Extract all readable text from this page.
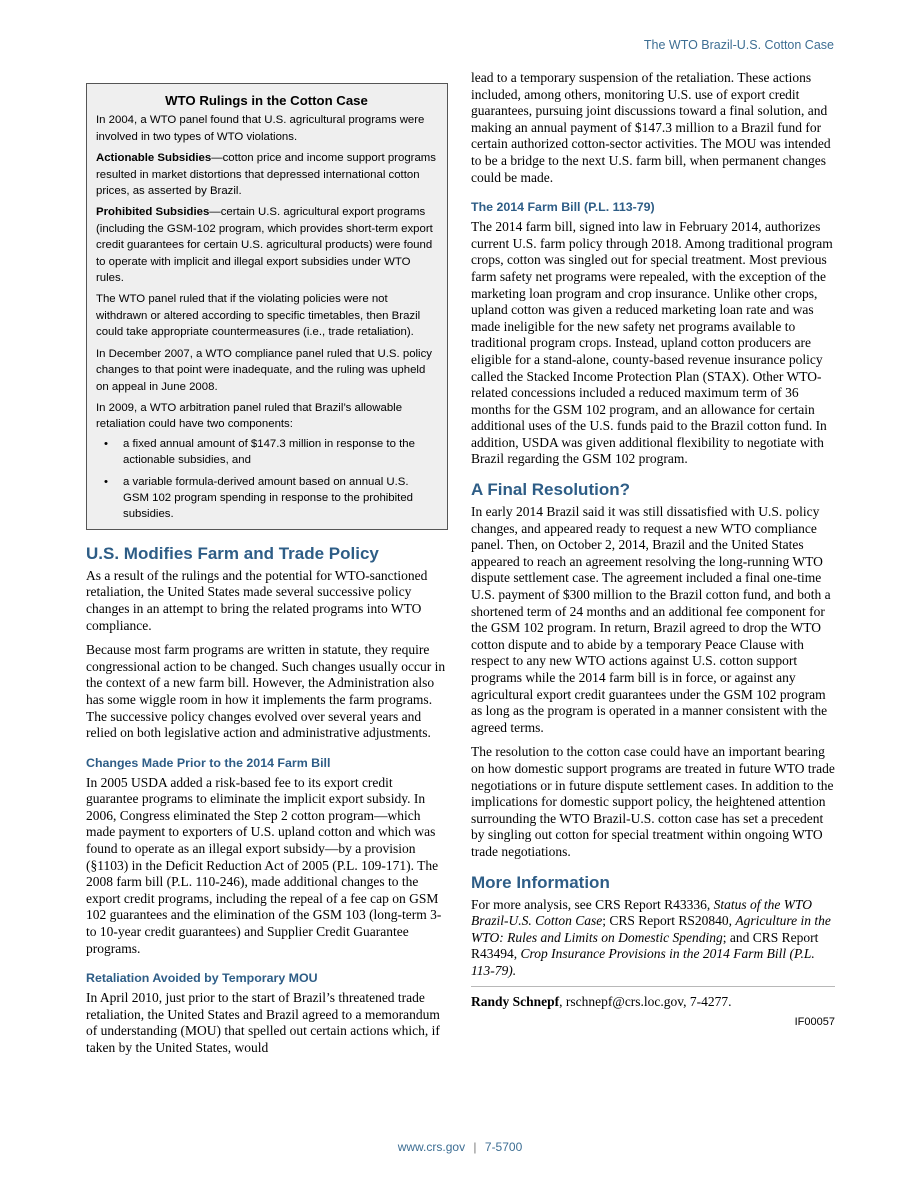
The WTO Brazil-U.S. Cotton Case
WTO Rulings in the Cotton Case

In 2004, a WTO panel found that U.S. agricultural programs were involved in two types of WTO violations.

Actionable Subsidies—cotton price and income support programs resulted in market distortions that depressed international cotton prices, as asserted by Brazil.

Prohibited Subsidies—certain U.S. agricultural export programs (including the GSM-102 program, which provides short-term export credit guarantees for certain U.S. agricultural products) were found to operate with implicit and illegal export subsidies under WTO rules.

The WTO panel ruled that if the violating policies were not withdrawn or altered according to specific timetables, then Brazil could take appropriate countermeasures (i.e., trade retaliation).

In December 2007, a WTO compliance panel ruled that U.S. policy changes to that point were inadequate, and the ruling was upheld on appeal in June 2008.

In 2009, a WTO arbitration panel ruled that Brazil’s allowable retaliation could have two components:

• a fixed annual amount of $147.3 million in response to the actionable subsidies, and
• a variable formula-derived amount based on annual U.S. GSM 102 program spending in response to the prohibited subsidies.
U.S. Modifies Farm and Trade Policy

As a result of the rulings and the potential for WTO-sanctioned retaliation, the United States made several successive policy changes in an attempt to bring the related programs into WTO compliance.

Because most farm programs are written in statute, they require congressional action to be changed. Such changes usually occur in the context of a new farm bill. However, the Administration also has some wiggle room in how it implements the farm programs. The successive policy changes evolved over several years and relied on both legislative action and administrative adjustments.

Changes Made Prior to the 2014 Farm Bill

In 2005 USDA added a risk-based fee to its export credit guarantee programs to eliminate the implicit export subsidy. In 2006, Congress eliminated the Step 2 cotton program—which made payment to exporters of U.S. upland cotton and which was found to operate as an illegal export subsidy—by a provision (§1103) in the Deficit Reduction Act of 2005 (P.L. 109-171). The 2008 farm bill (P.L. 110-246), made additional changes to the export credit programs, including the repeal of a fee cap on GSM 102 guarantees and the elimination of the GSM 103 (long-term 3- to 10-year credit guarantees) and Supplier Credit Guarantee programs.

Retaliation Avoided by Temporary MOU

In April 2010, just prior to the start of Brazil’s threatened trade retaliation, the United States and Brazil agreed to a memorandum of understanding (MOU) that spelled out certain actions which, if taken by the United States, would

lead to a temporary suspension of the retaliation. These actions included, among others, monitoring U.S. use of export credit guarantees, pursuing joint discussions toward a final solution, and making an annual payment of $147.3 million to a Brazil fund for certain authorized cotton-sector activities. The MOU was intended to be a bridge to the next U.S. farm bill, when permanent changes could be made.

The 2014 Farm Bill (P.L. 113-79)

The 2014 farm bill, signed into law in February 2014, authorizes current U.S. farm policy through 2018. Among traditional program crops, cotton was singled out for special treatment. Most previous farm safety net programs were repealed, with the exception of the marketing loan program and crop insurance. Unlike other crops, upland cotton was given a reduced marketing loan rate and was made ineligible for the new safety net programs available to traditional program crops. Instead, upland cotton producers are eligible for a stand-alone, county-based revenue insurance policy called the Stacked Income Protection Plan (STAX). Other WTO-related concessions included a reduced maximum term of 36 months for the GSM 102 program, and an allowance for certain additional uses of the U.S. funds paid to the Brazil cotton fund. In addition, USDA was given additional flexibility to negotiate with Brazil regarding the GSM 102 program.

A Final Resolution?

In early 2014 Brazil said it was still dissatisfied with U.S. policy changes, and appeared ready to request a new WTO compliance panel. Then, on October 2, 2014, Brazil and the United States appeared to reach an agreement resolving the long-running WTO dispute settlement case. The agreement included a final one-time U.S. payment of $300 million to the Brazil cotton fund, and both a shortened term of 24 months and an additional fee component for the GSM 102 program. In return, Brazil agreed to drop the WTO cotton dispute and to abide by a temporary Peace Clause with respect to any new WTO actions against U.S. cotton support programs while the 2014 farm bill is in force, or against any agricultural export credit guarantees under the GSM 102 program as long as the program is operated in a manner consistent with the agreed terms.

The resolution to the cotton case could have an important bearing on how domestic support programs are treated in future WTO trade negotiations or in future dispute settlement cases. In addition to the implications for domestic support policy, the heightened attention surrounding the WTO Brazil-U.S. cotton case has set a precedent by singling out cotton for special treatment within ongoing WTO trade negotiations.

More Information

For more analysis, see CRS Report R43336, Status of the WTO Brazil-U.S. Cotton Case; CRS Report RS20840, Agriculture in the WTO: Rules and Limits on Domestic Spending; and CRS Report R43494, Crop Insurance Provisions in the 2014 Farm Bill (P.L. 113-79).

Randy Schnepf, rschnepf@crs.loc.gov, 7-4277.

IF00057
www.crs.gov | 7-5700
